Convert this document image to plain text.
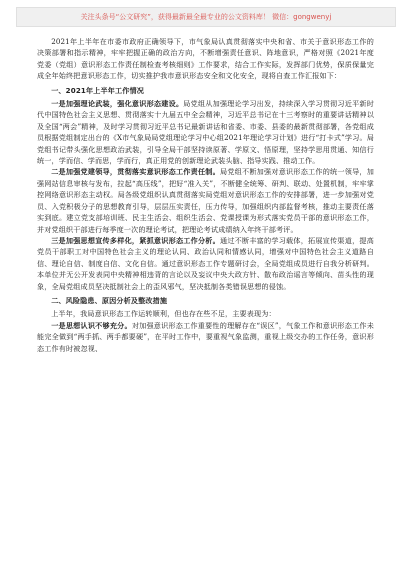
关注头条号“公文研究”，获得最新最全最专业的公文资料库！ 微信：gongwenyj

2021年上半年在市委市政府正确领导下，市气象局认真贯彻落实中央和省、市关于意识形态工作的决策部署和指示精神，牢牢把握正确的政治方向，不断增强责任意识、阵地意识，严格对照《2021年度党委（党组）意识形态工作责任制检查考核细则》工作要求，结合工作实际，发挥部门优势，保质保量完成全年始终把意识形态工作，切实推护我市意识形态安全和文化安全，现将自查工作汇报如下：

一、2021年上半年工作情况

一是加强理论武装，强化意识形态建设。局党组从加强理论学习出发，持续深入学习贯彻习近平新时代中国特色社会主义思想、贯彻落实十九届五中全会精神，习近平总书记在十三考察时的重要讲话精神以及全国“两会”精神，及时学习贯彻习近平总书记最新讲话和省委、市委、县委的最新贯彻部署，各党组成员根据党组制定出台的《X市气象局局党组理论学习中心组2021年理论学习计划》进行“打卡式”学习。局党组书记带头强化思想政治武装，引导全局干部坚持读原著、学原文、悟原理，坚持学思用贯通、知信行统一，学而信、学而思，学而行，真正用党的创新理论武装头脑、指导实践、推动工作。

二是加强党建领导，贯彻落实意识形态工作责任制。局党组不断加强对意识形态工作的统一领导，加强网站信息审核与发布，拉起“高压线”，把好“准入关”，不断健全统筹、研判、联动、处置机制，牢牢掌控网络意识形态主动权。局各级党组织认真贯彻落实局党组对意识形态工作的安排部署，进一步加强对党员、入党积极分子的思想教育引导，层层压实责任，压力传导，加强组织内部监督考核，推动主要责任落实到底。建立党支部培训班、民主生活会、组织生活会、党课授课为形式落实党员干部的意识形态工作，并对党组织干部进行每季度一次的理论考试，把理论考试成绩纳入年终干部考评。

三是加强思想宣传多样化，紧抓意识形态工作分析。通过不断丰富的学习载体，拓展宣传渠道，提高党员干部职工对中国特色社会主义的理论认同、政治认同和情感认同，增强对中国特色社会主义道路自信、理论自信、制度自信、文化自信。通过意识形态工作专题研讨会，全局党组成员进行自我分析研判。本单位并无公开发表同中央精神相违背的言论以及妄议中央大政方针、散布政治谣言等倾向、苗头性的现象，全局党组成员坚决抵制社会上的歪风邪气，坚决抵制各类错误思想的侵蚀。

二、风险隐患、原因分析及整改措施

上半年，我局意识形态工作运转顺利，但也存在些不足，主要表现为：

一是思想认识不够充分。对加强意识形态工作重要性的理解存在“误区”，气象工作和意识形态工作未能完全做到“两手抓、两手都要硬”，在平时工作中，要重视气象监测，重视上级交办的工作任务，意识形态工作有时被忽视、
